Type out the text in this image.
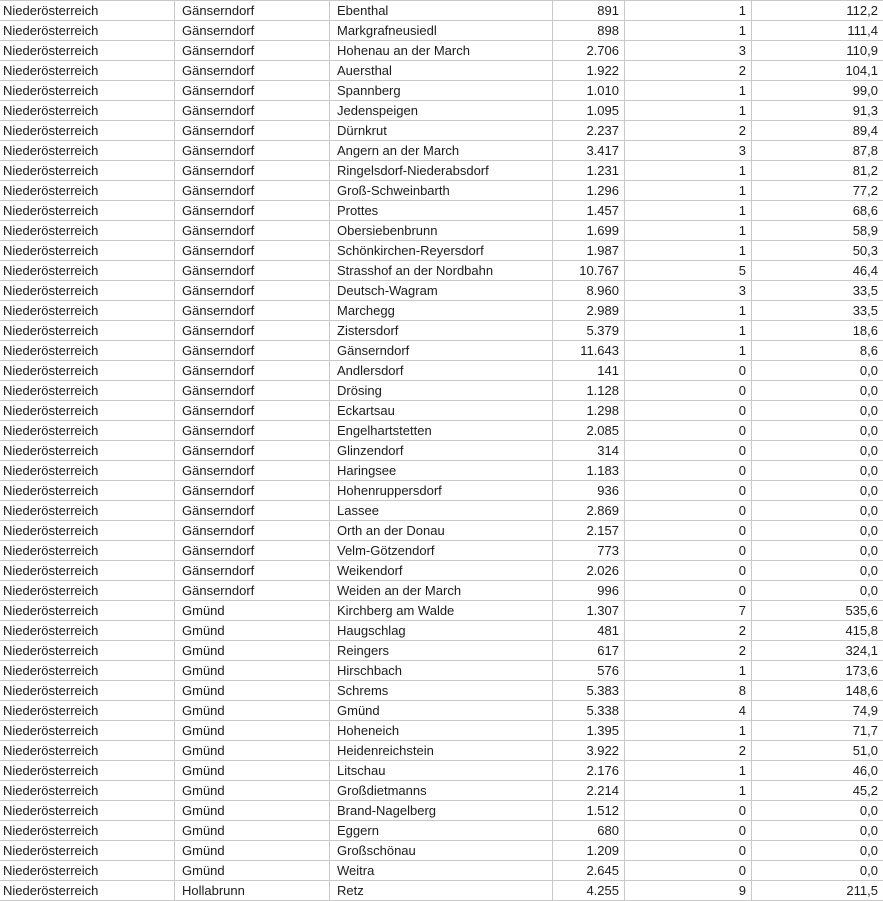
Niederösterreich	Gänserndorf	Ebenthal	891	1	112,2
Niederösterreich	Gänserndorf	Markgrafneusiedl	898	1	111,4
Niederösterreich	Gänserndorf	Hohenau an der March	2.706	3	110,9
Niederösterreich	Gänserndorf	Auersthal	1.922	2	104,1
Niederösterreich	Gänserndorf	Spannberg	1.010	1	99,0
Niederösterreich	Gänserndorf	Jedenspeigen	1.095	1	91,3
Niederösterreich	Gänserndorf	Dürnkrut	2.237	2	89,4
Niederösterreich	Gänserndorf	Angern an der March	3.417	3	87,8
Niederösterreich	Gänserndorf	Ringelsdorf-Niederabsdorf	1.231	1	81,2
Niederösterreich	Gänserndorf	Groß-Schweinbarth	1.296	1	77,2
Niederösterreich	Gänserndorf	Prottes	1.457	1	68,6
Niederösterreich	Gänserndorf	Obersiebenbrunn	1.699	1	58,9
Niederösterreich	Gänserndorf	Schönkirchen-Reyersdorf	1.987	1	50,3
Niederösterreich	Gänserndorf	Strasshof an der Nordbahn	10.767	5	46,4
Niederösterreich	Gänserndorf	Deutsch-Wagram	8.960	3	33,5
Niederösterreich	Gänserndorf	Marchegg	2.989	1	33,5
Niederösterreich	Gänserndorf	Zistersdorf	5.379	1	18,6
Niederösterreich	Gänserndorf	Gänserndorf	11.643	1	8,6
Niederösterreich	Gänserndorf	Andlersdorf	141	0	0,0
Niederösterreich	Gänserndorf	Drösing	1.128	0	0,0
Niederösterreich	Gänserndorf	Eckartsau	1.298	0	0,0
Niederösterreich	Gänserndorf	Engelhartstetten	2.085	0	0,0
Niederösterreich	Gänserndorf	Glinzendorf	314	0	0,0
Niederösterreich	Gänserndorf	Haringsee	1.183	0	0,0
Niederösterreich	Gänserndorf	Hohenruppersdorf	936	0	0,0
Niederösterreich	Gänserndorf	Lassee	2.869	0	0,0
Niederösterreich	Gänserndorf	Orth an der Donau	2.157	0	0,0
Niederösterreich	Gänserndorf	Velm-Götzendorf	773	0	0,0
Niederösterreich	Gänserndorf	Weikendorf	2.026	0	0,0
Niederösterreich	Gänserndorf	Weiden an der March	996	0	0,0
Niederösterreich	Gmünd	Kirchberg am Walde	1.307	7	535,6
Niederösterreich	Gmünd	Haugschlag	481	2	415,8
Niederösterreich	Gmünd	Reingers	617	2	324,1
Niederösterreich	Gmünd	Hirschbach	576	1	173,6
Niederösterreich	Gmünd	Schrems	5.383	8	148,6
Niederösterreich	Gmünd	Gmünd	5.338	4	74,9
Niederösterreich	Gmünd	Hoheneich	1.395	1	71,7
Niederösterreich	Gmünd	Heidenreichstein	3.922	2	51,0
Niederösterreich	Gmünd	Litschau	2.176	1	46,0
Niederösterreich	Gmünd	Großdietmanns	2.214	1	45,2
Niederösterreich	Gmünd	Brand-Nagelberg	1.512	0	0,0
Niederösterreich	Gmünd	Eggern	680	0	0,0
Niederösterreich	Gmünd	Großschönau	1.209	0	0,0
Niederösterreich	Gmünd	Weitra	2.645	0	0,0
Niederösterreich	Hollabrunn	Retz	4.255	9	211,5
